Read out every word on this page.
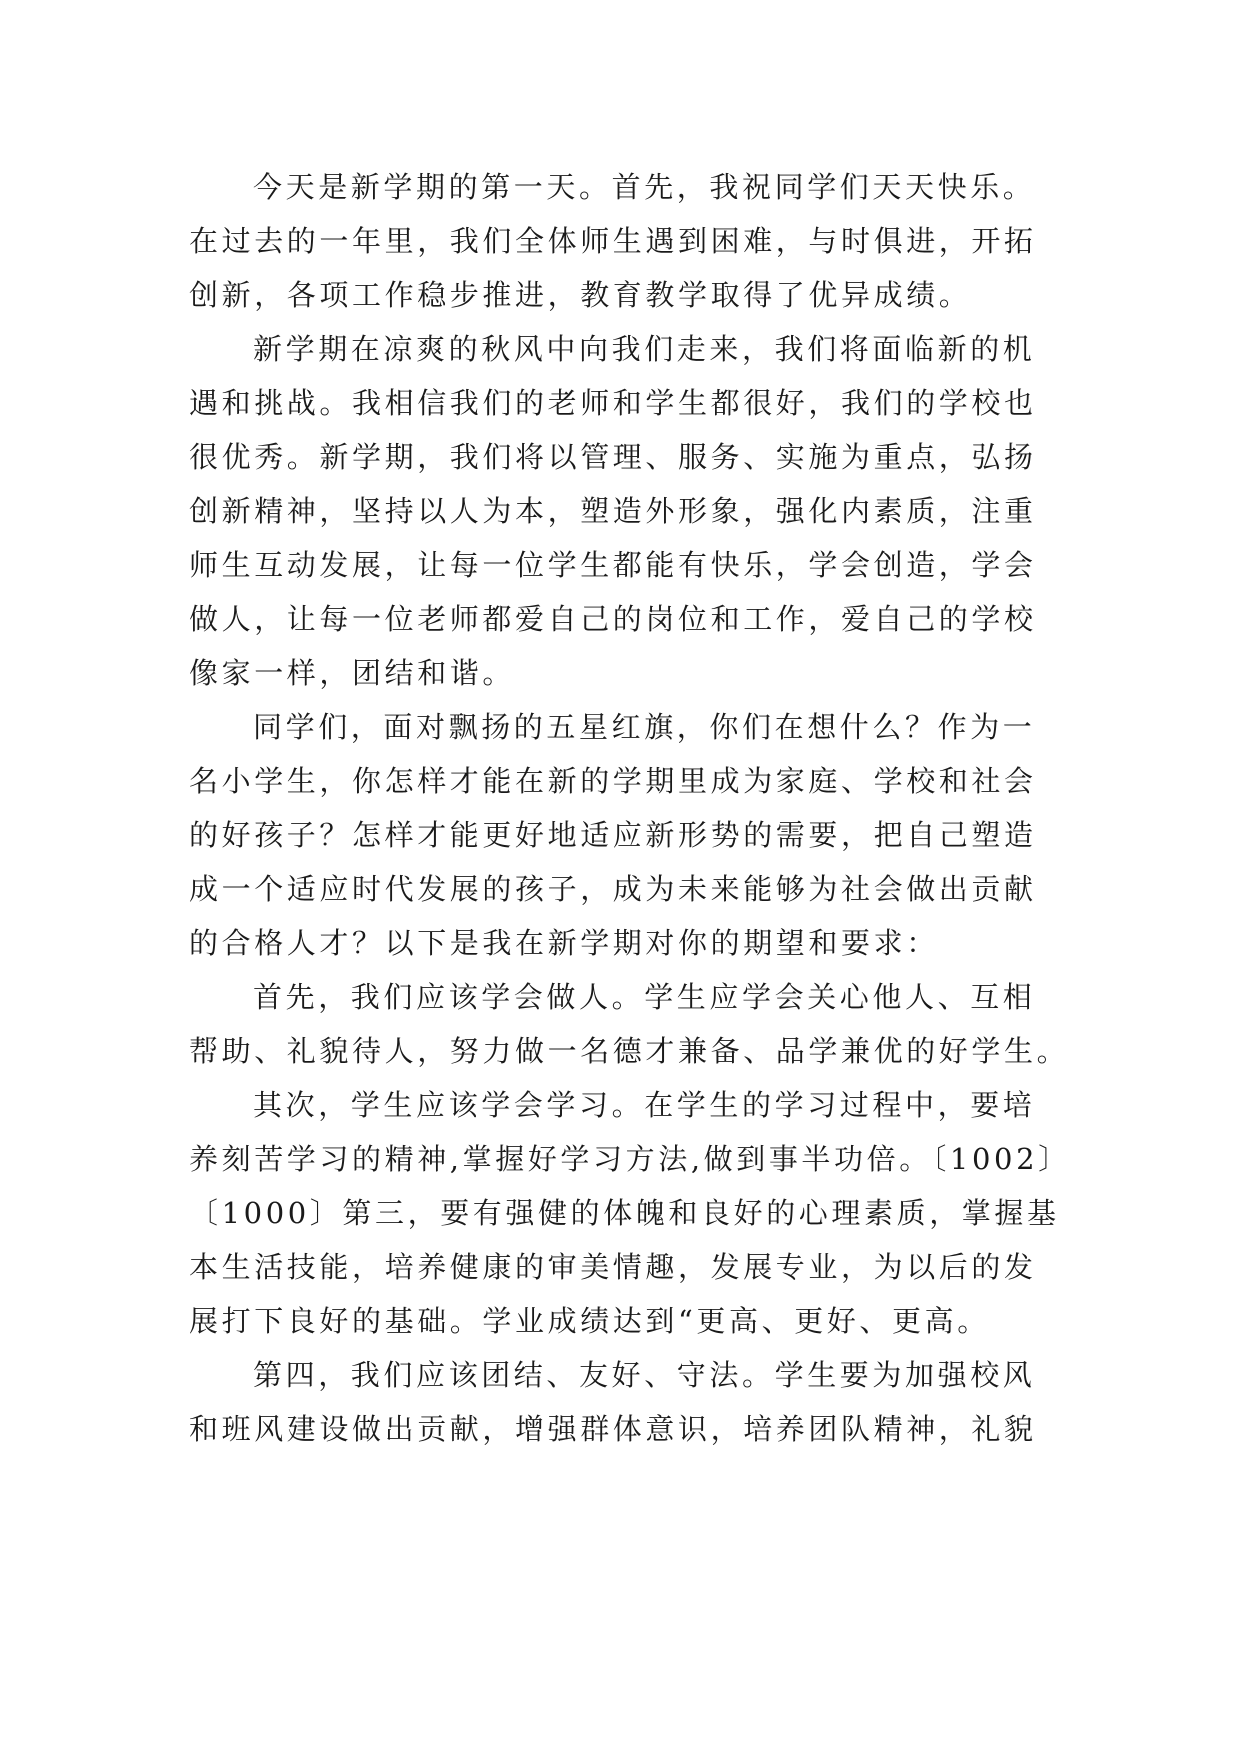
今天是新学期的第一天。首先，我祝同学们天天快乐。
在过去的一年里，我们全体师生遇到困难，与时俱进，开拓
创新，各项工作稳步推进，教育教学取得了优异成绩。
新学期在凉爽的秋风中向我们走来，我们将面临新的机
遇和挑战。我相信我们的老师和学生都很好，我们的学校也
很优秀。新学期，我们将以管理、服务、实施为重点，弘扬
创新精神，坚持以人为本，塑造外形象，强化内素质，注重
师生互动发展，让每一位学生都能有快乐，学会创造，学会
做人，让每一位老师都爱自己的岗位和工作，爱自己的学校
像家一样，团结和谐。
同学们，面对飘扬的五星红旗，你们在想什么？作为一
名小学生，你怎样才能在新的学期里成为家庭、学校和社会
的好孩子？怎样才能更好地适应新形势的需要，把自己塑造
成一个适应时代发展的孩子，成为未来能够为社会做出贡献
的合格人才？以下是我在新学期对你的期望和要求：
首先，我们应该学会做人。学生应学会关心他人、互相
帮助、礼貌待人，努力做一名德才兼备、品学兼优的好学生。
其次，学生应该学会学习。在学生的学习过程中，要培
养刻苦学习的精神,掌握好学习方法,做到事半功倍。〔1002〕
〔1000〕第三，要有强健的体魄和良好的心理素质，掌握基
本生活技能，培养健康的审美情趣，发展专业，为以后的发
展打下良好的基础。学业成绩达到“更高、更好、更高。
第四，我们应该团结、友好、守法。学生要为加强校风
和班风建设做出贡献，增强群体意识，培养团队精神，礼貌
